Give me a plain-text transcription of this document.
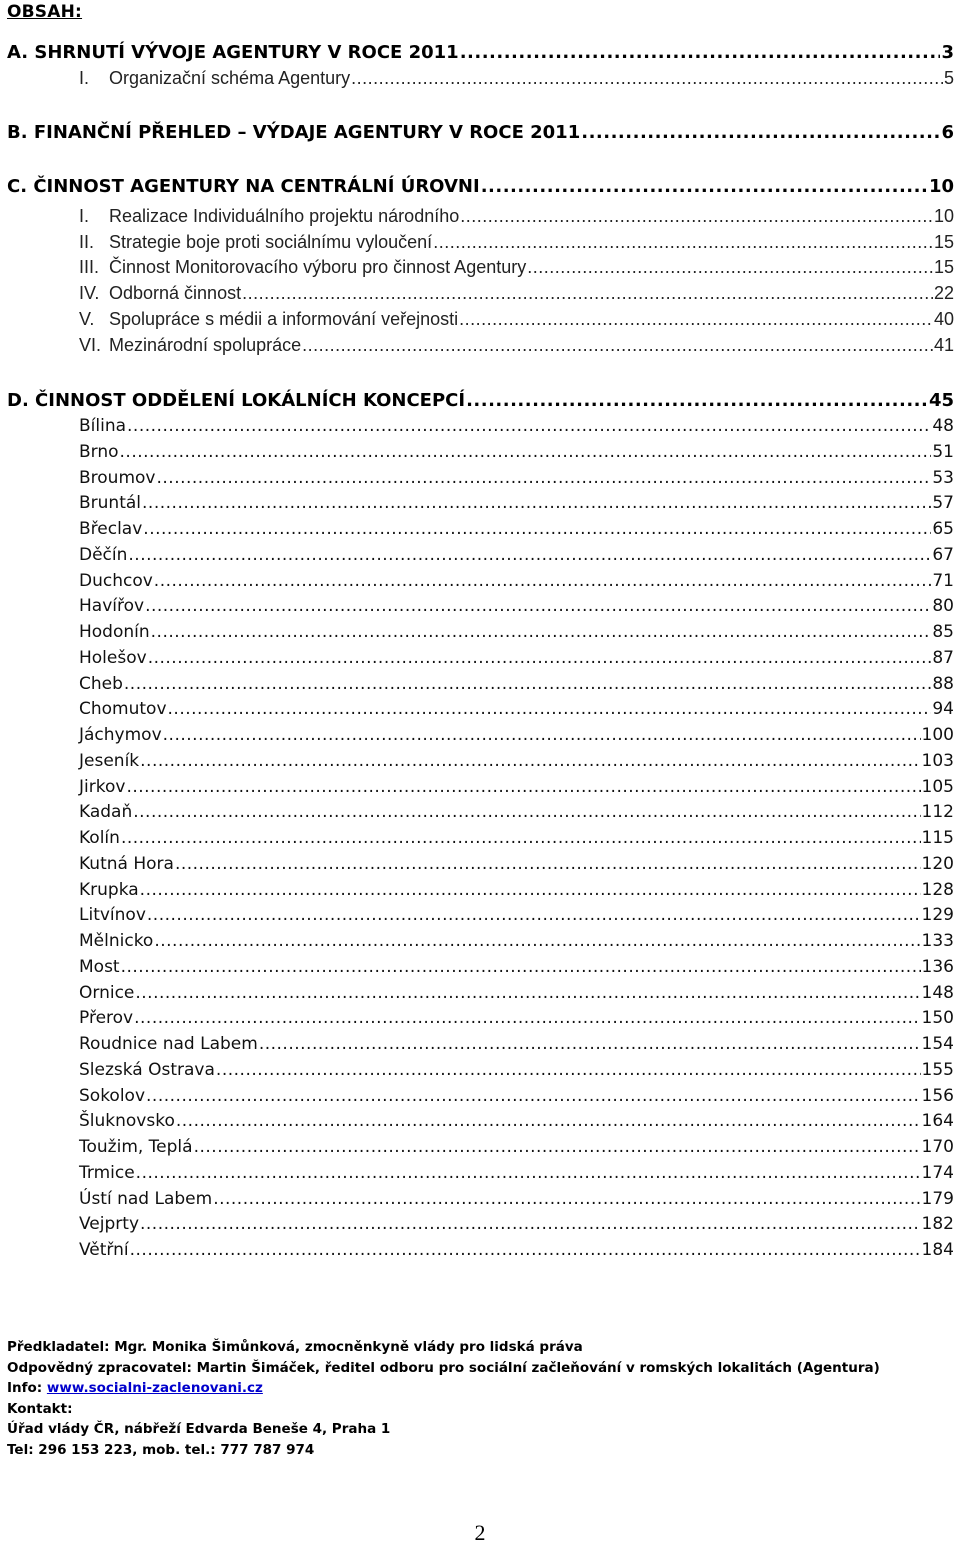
OBSAH:
A. SHRNUTÍ VÝVOJE AGENTURY V ROCE 2011 .....	3
I. Organizační schéma Agentury .....	5
B. FINANČNÍ PŘEHLED – VÝDAJE AGENTURY V ROCE 2011 .....	6
C. ČINNOST AGENTURY NA CENTRÁLNÍ ÚROVNI .....	10
I. Realizace Individuálního projektu národního .....	10
II. Strategie boje proti sociálnímu vyloučení .....	15
III. Činnost Monitorovacího výboru pro činnost Agentury .....	15
IV. Odborná činnost .....	22
V. Spolupráce s médii a informování veřejnosti .....	40
VI. Mezinárodní spolupráce .....	41
D. ČINNOST ODDĚLENÍ LOKÁLNÍCH KONCEPCÍ .....	45
Bílina .....	48
Brno .....	51
Broumov .....	53
Bruntál .....	57
Břeclav .....	65
Děčín .....	67
Duchcov .....	71
Havířov .....	80
Hodonín .....	85
Holešov .....	87
Cheb .....	88
Chomutov .....	94
Jáchymov .....	100
Jeseník .....	103
Jirkov .....	105
Kadaň .....	112
Kolín .....	115
Kutná Hora .....	120
Krupka .....	128
Litvínov .....	129
Mělnicko .....	133
Most .....	136
Ornice .....	148
Přerov .....	150
Roudnice nad Labem .....	154
Slezská Ostrava .....	155
Sokolov .....	156
Šluknovsko .....	164
Toužim, Teplá .....	170
Trmice .....	174
Ústí nad Labem .....	179
Vejprty .....	182
Větřní .....	184
Předkladatel: Mgr. Monika Šimůnková, zmocněnkyně vlády pro lidská práva
Odpovědný zpracovatel: Martin Šimáček, ředitel odboru pro sociální začleňování v romských lokalitách (Agentura)
Info: www.socialni-zaclenovani.cz
Kontakt:
Úřad vlády ČR, nábřeží Edvarda Beneše 4, Praha 1
Tel: 296 153 223, mob. tel.: 777 787 974
2
